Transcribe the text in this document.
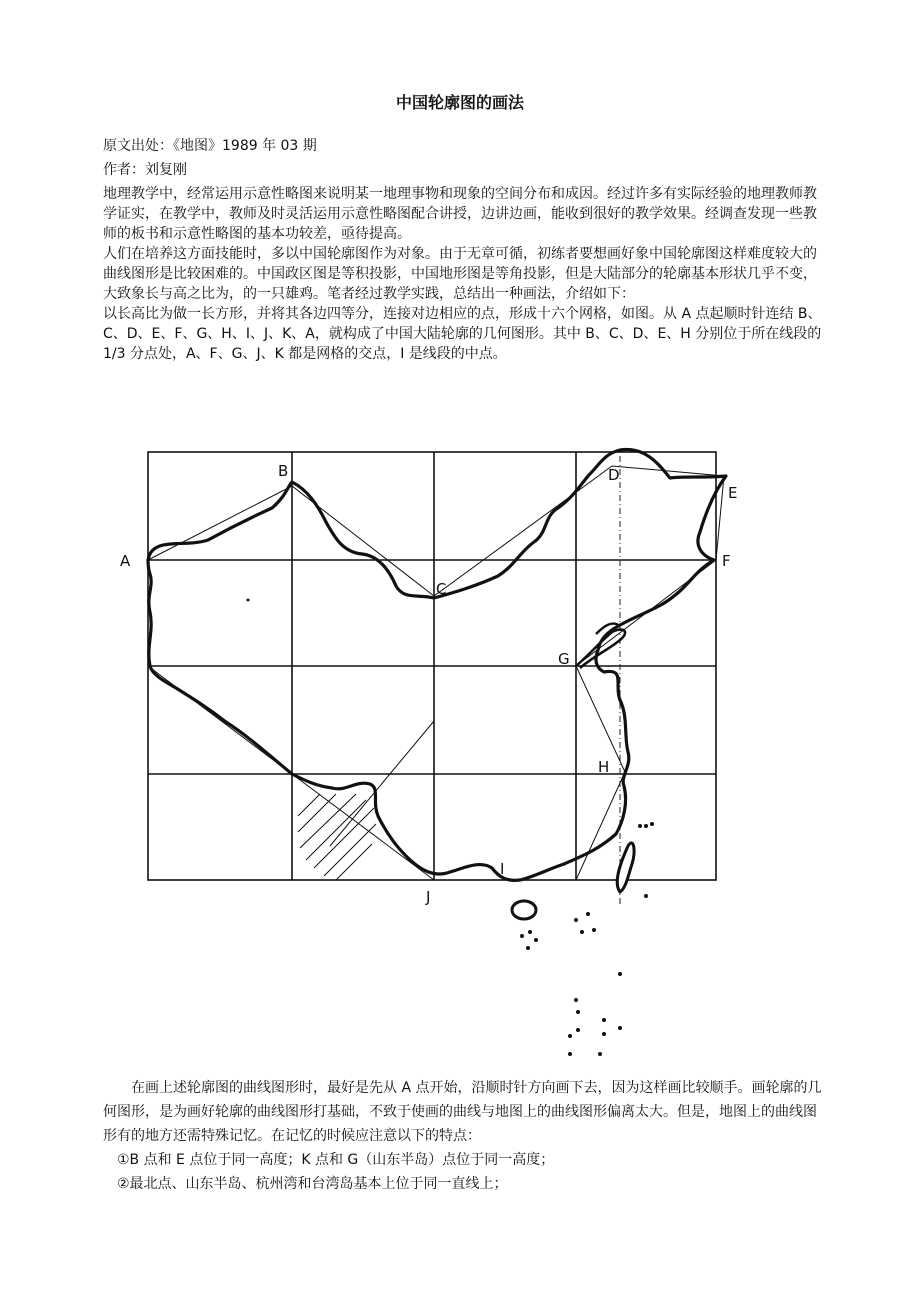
中国轮廓图的画法
原文出处：《地图》1989 年 03 期
作者：刘复刚

地理教学中，经常运用示意性略图来说明某一地理事物和现象的空间分布和成因。经过许多有实际经验的地理教师教学证实，在教学中，教师及时灵活运用示意性略图配合讲授，边讲边画，能收到很好的教学效果。经调查发现一些教师的板书和示意性略图的基本功较差，亟待提高。

人们在培养这方面技能时，多以中国轮廓图作为对象。由于无章可循，初练者要想画好象中国轮廓图这样难度较大的曲线图形是比较困难的。中国政区图是等积投影，中国地形图是等角投影，但是大陆部分的轮廓基本形状几乎不变，大致象长与高之比为，的一只雄鸡。笔者经过教学实践，总结出一种画法，介绍如下：

以长高比为做一长方形，并将其各边四等分，连接对边相应的点，形成十六个网格，如图。从 A 点起顺时针连结 B、C、D、E、F、G、H、I、J、K、A，就构成了中国大陆轮廓的几何图形。其中 B、C、D、E、H 分别位于所在线段的 1/3 分点处，A、F、G、J、K 都是网格的交点，I 是线段的中点。

A
B
C
D
E
F
G
H
I
J

在画上述轮廓图的曲线图形时，最好是先从 A 点开始，沿顺时针方向画下去，因为这样画比较顺手。画轮廓的几何图形，是为画好轮廓的曲线图形打基础，不致于使画的曲线与地图上的曲线图形偏离太大。但是，地图上的曲线图形有的地方还需特殊记忆。在记忆的时候应注意以下的特点：

①B 点和 E 点位于同一高度；K 点和 G（山东半岛）点位于同一高度；

②最北点、山东半岛、杭州湾和台湾岛基本上位于同一直线上；
